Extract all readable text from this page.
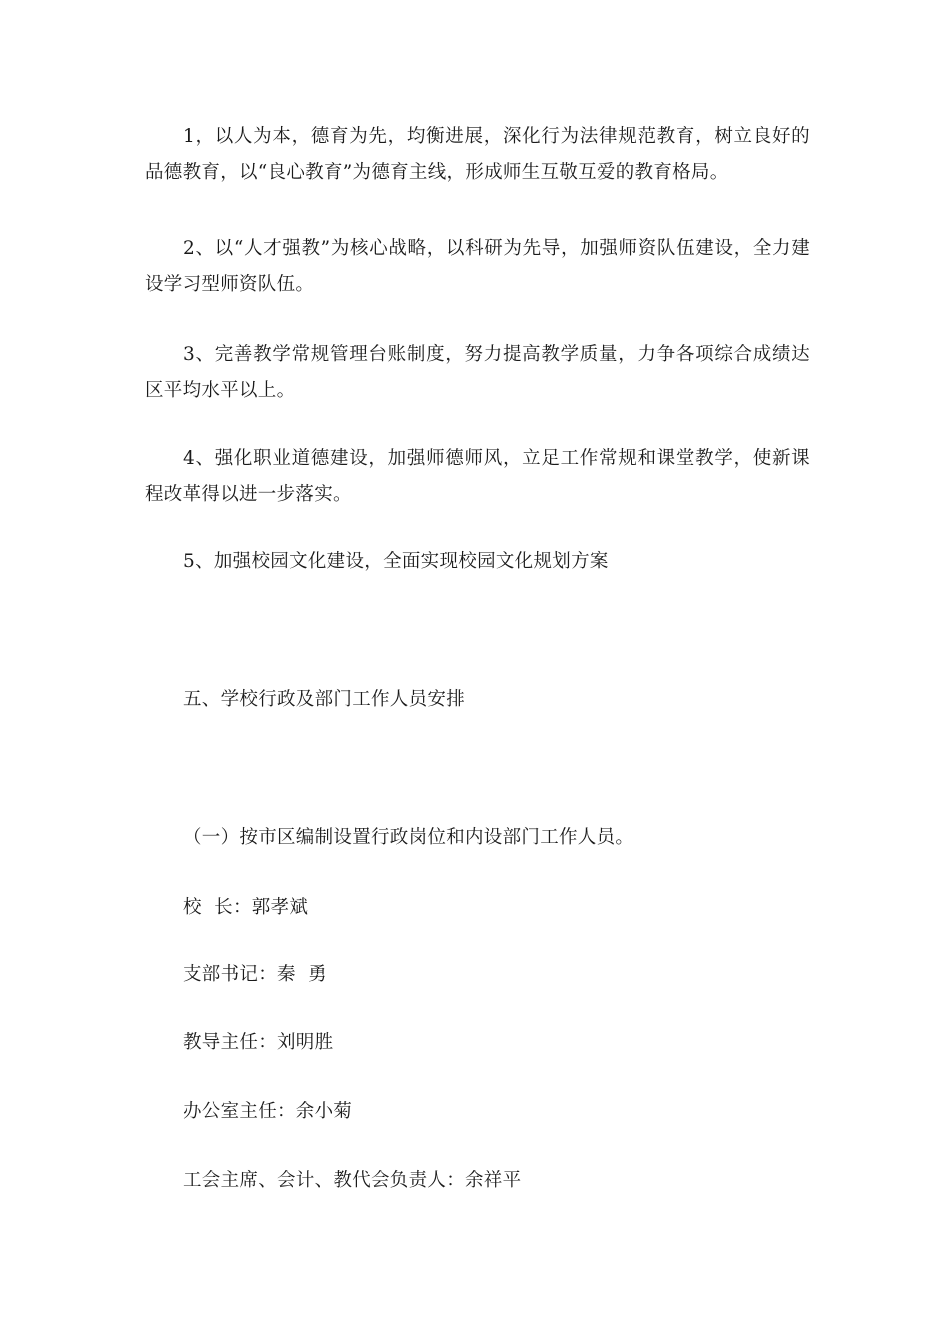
1，以人为本，德育为先，均衡进展，深化行为法律规范教育，树立良好的品德教育，以“良心教育”为德育主线，形成师生互敬互爱的教育格局。

2、以“人才强教”为核心战略，以科研为先导，加强师资队伍建设，全力建设学习型师资队伍。

3、完善教学常规管理台账制度，努力提高教学质量，力争各项综合成绩达区平均水平以上。

4、强化职业道德建设，加强师德师风，立足工作常规和课堂教学，使新课程改革得以进一步落实。

5、加强校园文化建设，全面实现校园文化规划方案

五、学校行政及部门工作人员安排

（一）按市区编制设置行政岗位和内设部门工作人员。

校  长：郭孝斌

支部书记：秦  勇

教导主任：刘明胜

办公室主任：余小菊

工会主席、会计、教代会负责人：余祥平
